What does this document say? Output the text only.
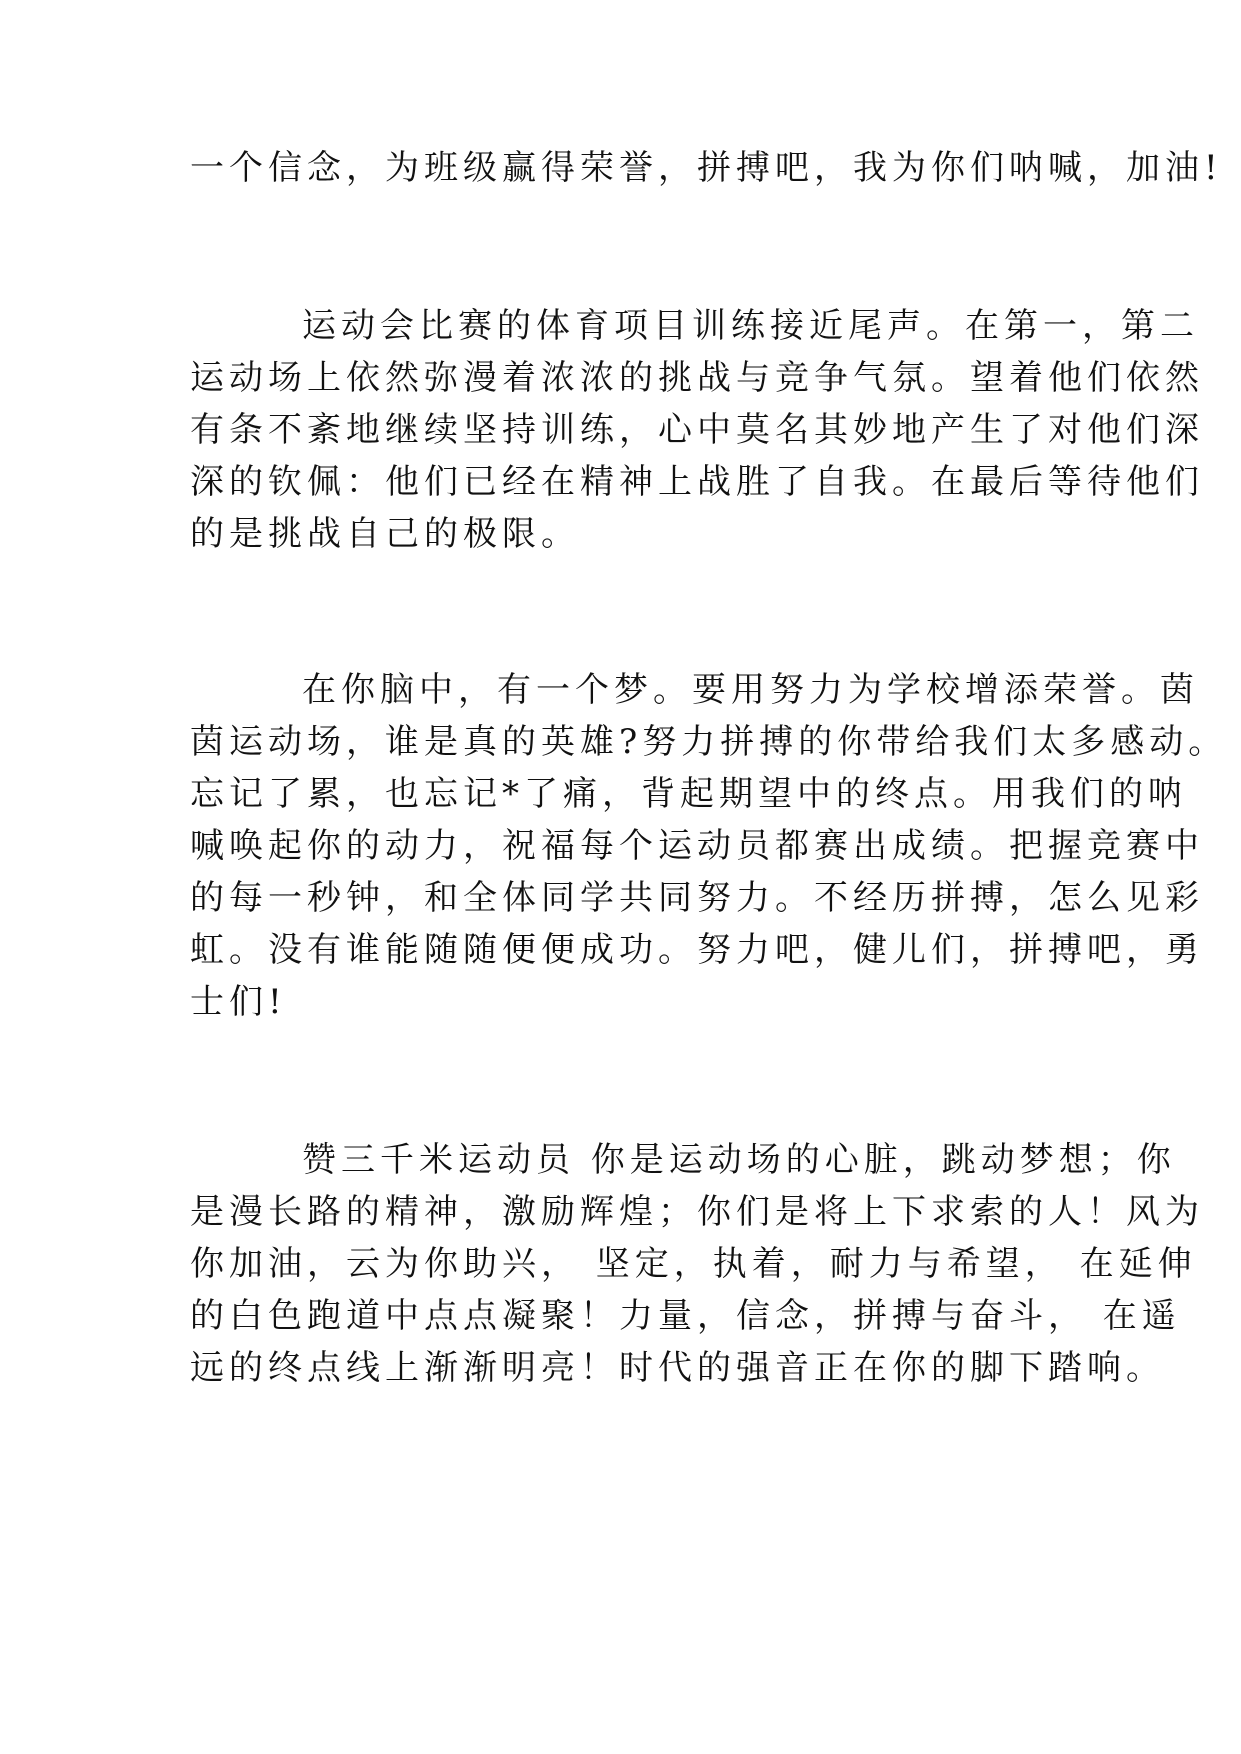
一个信念，为班级赢得荣誉，拼搏吧，我为你们呐喊，加油!
运动会比赛的体育项目训练接近尾声。在第一，第二
运动场上依然弥漫着浓浓的挑战与竞争气氛。望着他们依然
有条不紊地继续坚持训练，心中莫名其妙地产生了对他们深
深的钦佩：他们已经在精神上战胜了自我。在最后等待他们
的是挑战自己的极限。
在你脑中，有一个梦。要用努力为学校增添荣誉。茵
茵运动场，谁是真的英雄?努力拼搏的你带给我们太多感动。
忘记了累，也忘记*了痛，背起期望中的终点。用我们的呐
喊唤起你的动力，祝福每个运动员都赛出成绩。把握竞赛中
的每一秒钟，和全体同学共同努力。不经历拼搏，怎么见彩
虹。没有谁能随随便便成功。努力吧，健儿们，拼搏吧，勇
士们!
赞三千米运动员 你是运动场的心脏，跳动梦想；你
是漫长路的精神，激励辉煌；你们是将上下求索的人！风为
你加油，云为你助兴， 坚定，执着，耐力与希望， 在延伸
的白色跑道中点点凝聚！力量，信念，拼搏与奋斗， 在遥
远的终点线上渐渐明亮！时代的强音正在你的脚下踏响。
